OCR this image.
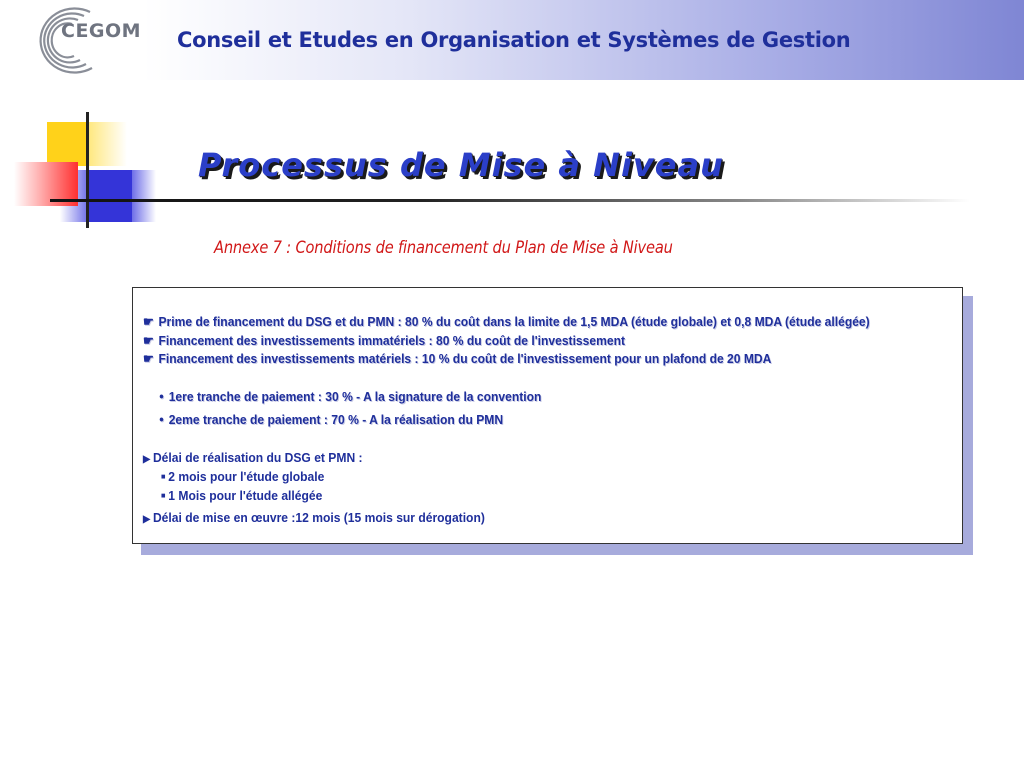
CEGOM Conseil et Etudes en Organisation et Systèmes de Gestion
Processus de Mise à Niveau
Annexe 7 : Conditions de financement du Plan de Mise à Niveau
☛ Prime de financement du DSG et du PMN : 80 % du coût dans la limite de 1,5 MDA (étude globale) et 0,8 MDA (étude allégée)
☛ Financement des investissements immatériels : 80 % du coût de l'investissement
☛ Financement des investissements matériels : 10 % du coût de l'investissement pour un plafond de 20 MDA
● 1ere tranche de paiement : 30 % - A la signature de la convention
● 2eme tranche de paiement : 70 % - A la réalisation du PMN
▶ Délai de réalisation du DSG et PMN :
■ 2 mois pour l'étude globale
■ 1 Mois pour l'étude allégée
▶ Délai de mise en œuvre :12 mois (15 mois sur dérogation)
